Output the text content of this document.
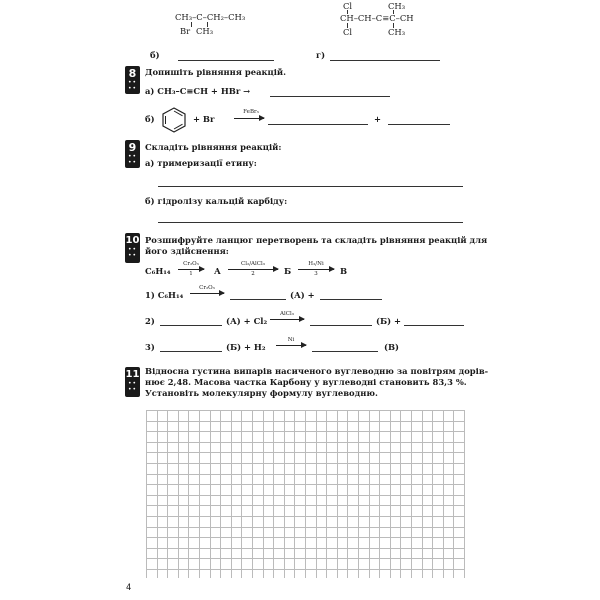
CH₃–C–CH₂–CH₃
Br CH₃
Cl	CH₃
CH–CH–C≡C–CH
Cl	CH₃
б)	г)
8
•• ••
Допишіть рівняння реакцій.
а) CH₃–C≡CH + HBr →
б)	+ Br
FeBr₃
+
9
•• ••
Складіть рівняння реакцій:
а) тримеризації етину:
б) гідролізу кальцій карбіду:
10
•• ••
Розшифруйте ланцюг перетворень та складіть рівняння реакцій для
його здійснення:
C₆H₁₄
Cr₂O₃
1	А
Cl₂/AlCl₃
2	Б
H₂/Ni
3	В
1) C₆H₁₄
Cr₂O₃
(А) +
2)	(А) + Cl₂
AlCl₃
(Б) +
3)	(Б) + H₂
Ni
(В)
11
•• ••
Відносна густина випарів насиченого вуглеводню за повітрям дорів-
нює 2,48. Масова частка Карбону у вуглеводні становить 83,3 %.
Установіть молекулярну формулу вуглеводню.
4
